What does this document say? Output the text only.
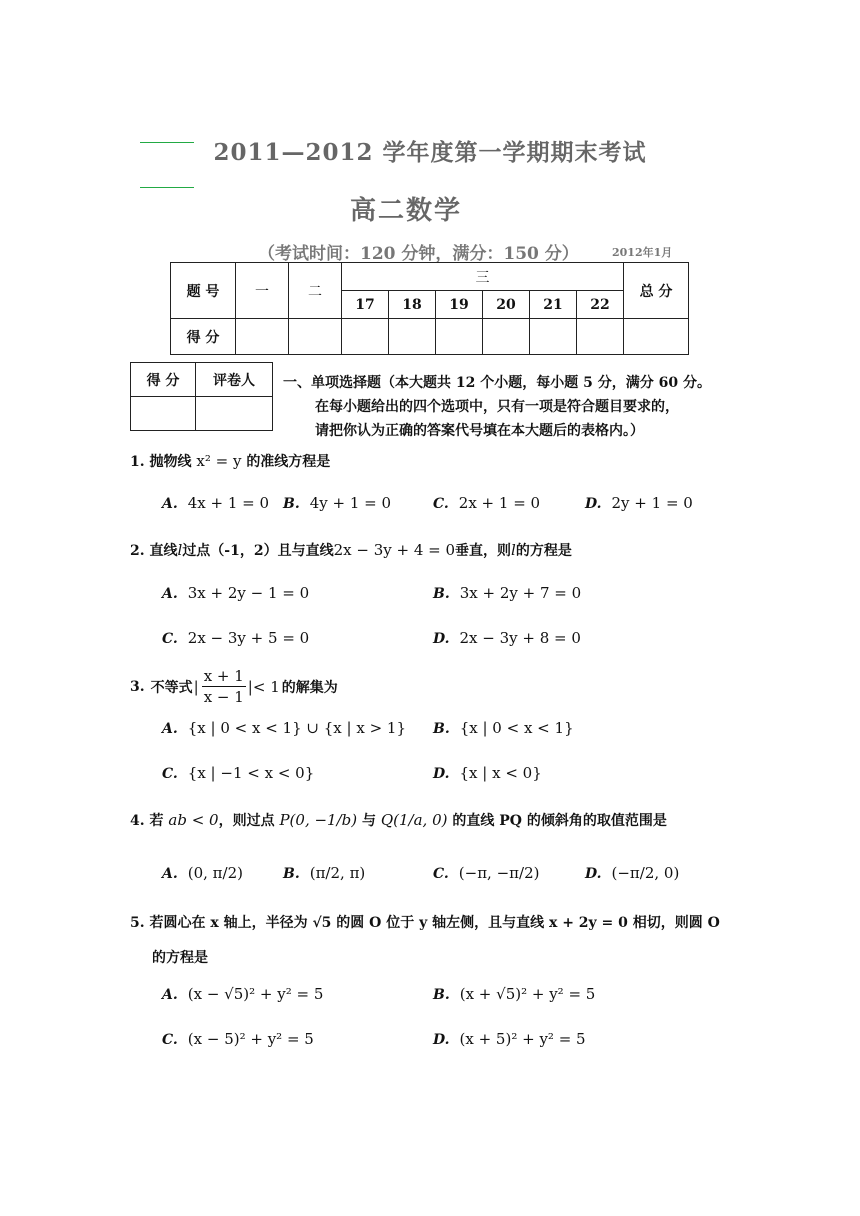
2011—2012 学年度第一学期期末考试
高二数学
（考试时间：120 分钟，满分：150 分）	2012年1月
题 号	一	二	三						总 分
			17	18	19	20	21	22	
得 分									
得 分	评卷人
	一、单项选择题（本大题共 12 个小题，每小题 5 分，满分 60 分。
在每小题给出的四个选项中，只有一项是符合题目要求的，
请把你认为正确的答案代号填在本大题后的表格内。）
1. 抛物线 x² = y 的准线方程是
A. 4x + 1 = 0 B. 4y + 1 = 0	C. 2x + 1 = 0	D. 2y + 1 = 0
2. 直线l过点（-1，2）且与直线2x − 3y + 4 = 0垂直，则l的方程是
A. 3x + 2y − 1 = 0	B. 3x + 2y + 7 = 0
C. 2x − 3y + 5 = 0	D. 2x − 3y + 8 = 0
3. 不等式 |
x + 1
x − 1
| < 1 的解集为
A. {x | 0 < x < 1} ∪ {x | x > 1} B. {x | 0 < x < 1}
C. {x | −1 < x < 0}	D. {x | x < 0}
4. 若 ab < 0，则过点 P(0, −1/b) 与 Q(1/a, 0) 的直线 PQ 的倾斜角的取值范围是
A. (0, π/2)	B. (π/2, π)	C. (−π, −π/2)	D. (−π/2, 0)
5. 若圆心在 x 轴上，半径为 √5 的圆 O 位于 y 轴左侧，且与直线 x + 2y = 0 相切，则圆 O
的方程是
A. (x − √5)² + y² = 5	B. (x + √5)² + y² = 5
C. (x − 5)² + y² = 5	D. (x + 5)² + y² = 5
